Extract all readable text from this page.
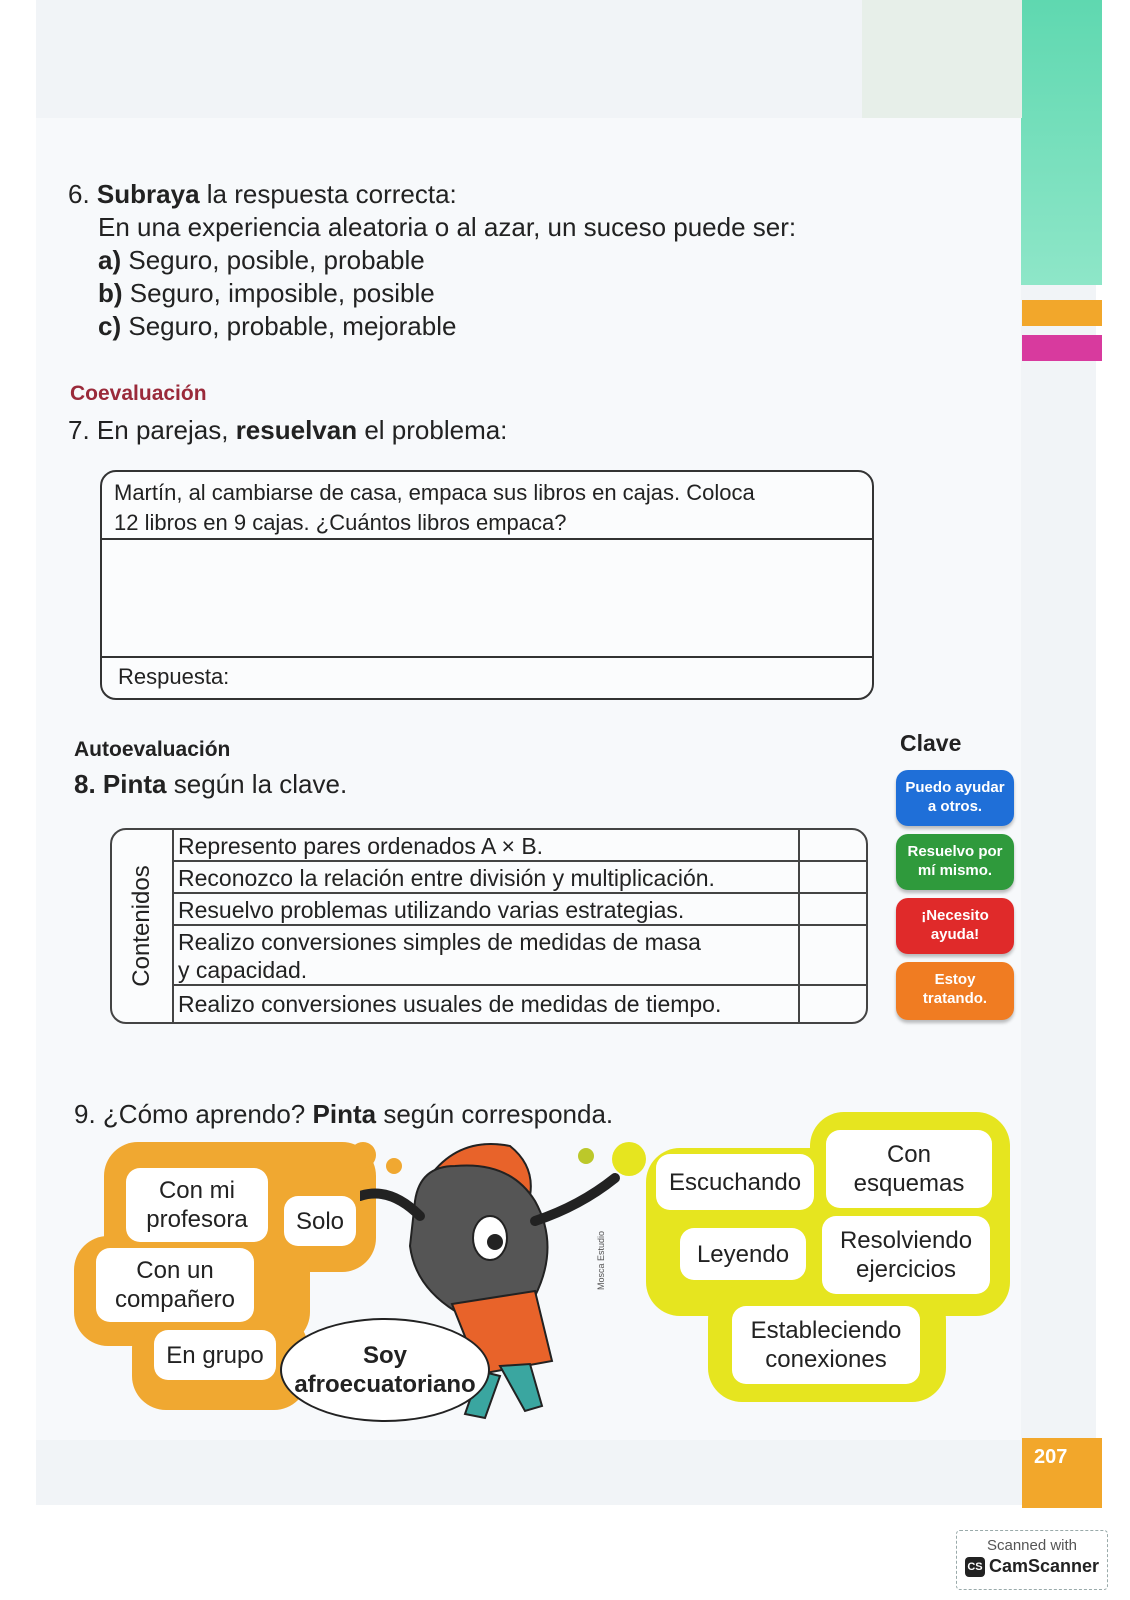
207
6. Subraya la respuesta correcta:
En una experiencia aleatoria o al azar, un suceso puede ser:
a) Seguro, posible, probable
b) Seguro, imposible, posible
c) Seguro, probable, mejorable
Coevaluación
7. En parejas, resuelvan el problema:
Martín, al cambiarse de casa, empaca sus libros en cajas. Coloca
12 libros en 9 cajas. ¿Cuántos libros empaca?
Respuesta:
Autoevaluación
8. Pinta según la clave.
Contenidos
Represento pares ordenados A × B.
Reconozco la relación entre división y multiplicación.
Resuelvo problemas utilizando varias estrategias.
Realizo conversiones simples de medidas de masa
y capacidad.
Realizo conversiones usuales de medidas de tiempo.
Clave
Puedo ayudar
a otros.
Resuelvo por
mí mismo.
¡Necesito
ayuda!
Estoy
tratando.
9. ¿Cómo aprendo? Pinta según corresponda.
Con mi
profesora Solo
Con un
compañero
En grupo
Mosca Estudio
Soy
afroecuatoriano
Escuchando
Con
esquemas
Leyendo Resolviendo
ejercicios
Estableciendo
conexiones
Scanned with
CS CamScanner
